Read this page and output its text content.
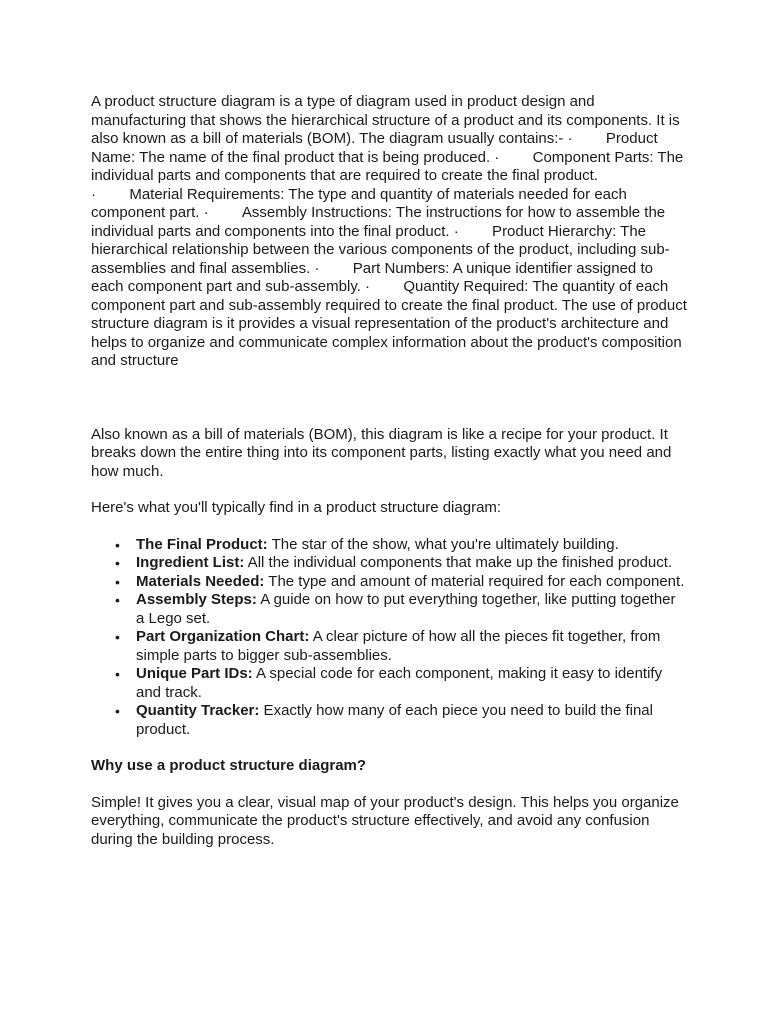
A product structure diagram is a type of diagram used in product design and manufacturing that shows the hierarchical structure of a product and its components. It is also known as a bill of materials (BOM). The diagram usually contains:- ·        Product Name: The name of the final product that is being produced. ·        Component Parts: The individual parts and components that are required to create the final product. ·        Material Requirements: The type and quantity of materials needed for each component part. ·        Assembly Instructions: The instructions for how to assemble the individual parts and components into the final product. ·        Product Hierarchy: The hierarchical relationship between the various components of the product, including sub-assemblies and final assemblies. ·        Part Numbers: A unique identifier assigned to each component part and sub-assembly. ·        Quantity Required: The quantity of each component part and sub-assembly required to create the final product. The use of product structure diagram is it provides a visual representation of the product's architecture and helps to organize and communicate complex information about the product's composition and structure

Also known as a bill of materials (BOM), this diagram is like a recipe for your product. It breaks down the entire thing into its component parts, listing exactly what you need and how much.

Here's what you'll typically find in a product structure diagram:

• The Final Product: The star of the show, what you're ultimately building.
• Ingredient List: All the individual components that make up the finished product.
• Materials Needed: The type and amount of material required for each component.
• Assembly Steps: A guide on how to put everything together, like putting together a Lego set.
• Part Organization Chart: A clear picture of how all the pieces fit together, from simple parts to bigger sub-assemblies.
• Unique Part IDs: A special code for each component, making it easy to identify and track.
• Quantity Tracker: Exactly how many of each piece you need to build the final product.

Why use a product structure diagram?

Simple! It gives you a clear, visual map of your product's design. This helps you organize everything, communicate the product's structure effectively, and avoid any confusion during the building process.
